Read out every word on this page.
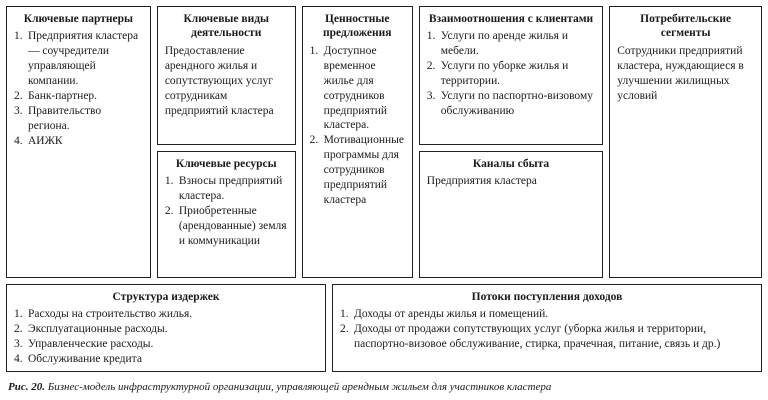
Ключевые партнеры
Предприятия кластера — соучредители управляющей компании.
Банк-партнер.
Правительство региона.
АИЖК
Ключевые виды деятельности

Предоставление арендного жилья и сопутствующих услуг сотрудникам предприятий кластера

Ключевые ресурсы
Взносы предприятий кластера.
Приобретенные (арендованные) земля и коммуникации
Ценностные предложения
Доступное временное жилье для сотрудников предприятий кластера.
Мотивационные программы для сотрудников предприятий кластера
Взаимоотношения с клиентами
Услуги по аренде жилья и мебели.
Услуги по уборке жилья и территории.
Услуги по паспортно-визовому обслуживанию
Каналы сбыта

Предприятия кластера

Потребительские сегменты

Сотрудники предприятий кластера, нуждающиеся в улучшении жилищных условий

Структура издержек
Расходы на строительство жилья.
Эксплуатационные расходы.
Управленческие расходы.
Обслуживание кредита
Потоки поступления доходов
Доходы от аренды жилья и помещений.
Доходы от продажи сопутствующих услуг (уборка жилья и территории, паспортно-визовое обслуживание, стирка, прачечная, питание, связь и др.)
Рис. 20. Бизнес-модель инфраструктурной организации, управляющей арендным жильем для участников кластера
